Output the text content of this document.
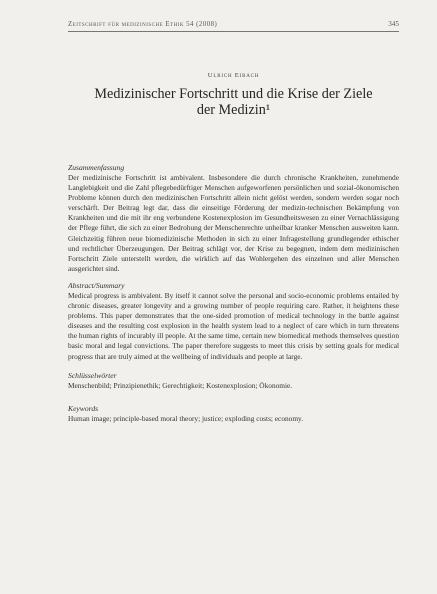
Zeitschrift für medizinische Ethik 54 (2008)	345
Ulrich Eibach
Medizinischer Fortschritt und die Krise der Ziele
der Medizin¹

Zusammenfassung

Der medizinische Fortschritt ist ambivalent. Insbesondere die durch chronische Krankheiten, zunehmende Langlebigkeit und die Zahl pflegebedürftiger Menschen aufgeworfenen persönlichen und sozial-ökonomischen Probleme können durch den medizinischen Fortschritt allein nicht gelöst werden, sondern werden sogar noch verschärft. Der Beitrag legt dar, dass die einseitige Förderung der medizin-technischen Bekämpfung von Krankheiten und die mit ihr eng verbundene Kostenexplosion im Gesundheitswesen zu einer Vernachlässigung der Pflege führt, die sich zu einer Bedrohung der Menschenrechte unheilbar kranker Menschen ausweiten kann. Gleichzeitig führen neue biomedizinische Methoden in sich zu einer Infragestellung grundlegender ethischer und rechtlicher Überzeugungen. Der Beitrag schlägt vor, der Krise zu begegnen, indem dem medizinischen Fortschritt Ziele unterstellt werden, die wirklich auf das Wohlergehen des einzelnen und aller Menschen ausgerichtet sind.

Abstract/Summary

Medical progress is ambivalent. By itself it cannot solve the personal and socio-economic problems entailed by chronic diseases, greater longevity and a growing number of people requiring care. Rather, it heightens these problems. This paper demonstrates that the one-sided promotion of medical technology in the battle against diseases and the resulting cost explosion in the health system lead to a neglect of care which in turn threatens the human rights of incurably ill people. At the same time, certain new biomedical methods themselves question basic moral and legal convictions. The paper therefore suggests to meet this crisis by setting goals for medical progress that are truly aimed at the wellbeing of individuals and people at large.

Schlüsselwörter

Menschenbild; Prinzipienethik; Gerechtigkeit; Kostenexplosion; Ökonomie.

Keywords

Human image; principle-based moral theory; justice; exploding costs; economy.
